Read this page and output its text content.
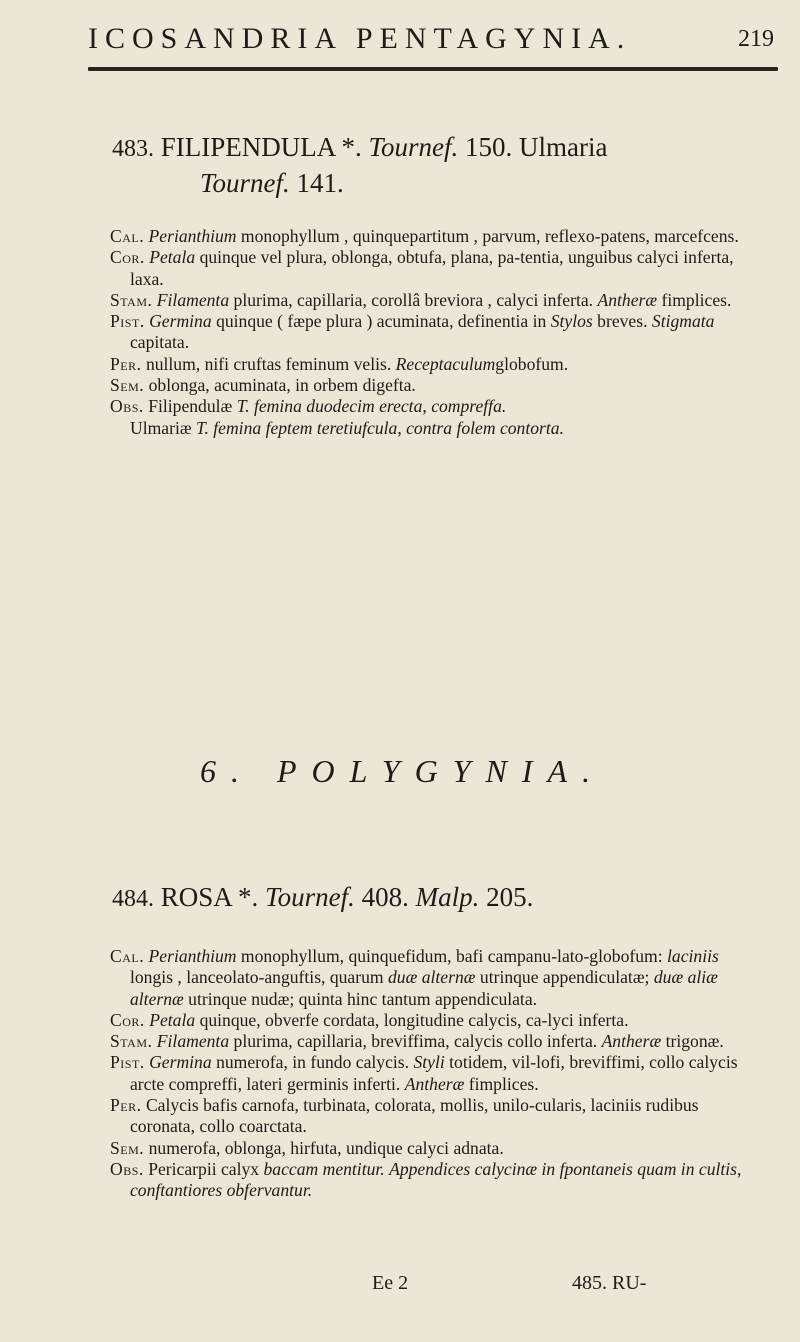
ICOSANDRIA PENTAGYNIA.	219
483. FILIPENDULA *. Tournef. 150. Ulmaria
Tournef. 141.

Cal. Perianthium monophyllum , quinquepartitum , parvum, reflexo-patens, marcefcens.

Cor. Petala quinque vel plura, oblonga, obtufa, plana, pa-tentia, unguibus calyci inferta, laxa.

Stam. Filamenta plurima, capillaria, corollâ breviora , calyci inferta. Antheræ fimplices.

Pist. Germina quinque ( fæpe plura ) acuminata, definentia in Stylos breves. Stigmata capitata.

Per. nullum, nifi cruftas feminum velis. Receptaculumglobofum.

Sem. oblonga, acuminata, in orbem digefta.

Obs. Filipendulæ T. femina duodecim erecta, compreffa.
Ulmariæ T. femina feptem teretiufcula, contra folem contorta.

6. POLYGYNIA.
484. ROSA *. Tournef. 408. Malp. 205.

Cal. Perianthium monophyllum, quinquefidum, bafi campanu-lato-globofum: laciniis longis , lanceolato-anguftis, quarum duæ alternæ utrinque appendiculatæ; duæ aliæ alternæ utrinque nudæ; quinta hinc tantum appendiculata.

Cor. Petala quinque, obverfe cordata, longitudine calycis, ca-lyci inferta.

Stam. Filamenta plurima, capillaria, breviffima, calycis collo inferta. Antheræ trigonæ.

Pist. Germina numerofa, in fundo calycis. Styli totidem, vil-lofi, breviffimi, collo calycis arcte compreffi, lateri germinis inferti. Antheræ fimplices.

Per. Calycis bafis carnofa, turbinata, colorata, mollis, unilo-cularis, laciniis rudibus coronata, collo coarctata.

Sem. numerofa, oblonga, hirfuta, undique calyci adnata.

Obs. Pericarpii calyx baccam mentitur. Appendices calycinæ in fpontaneis quam in cultis, conftantiores obfervantur.

Ee 2	485. RU-
